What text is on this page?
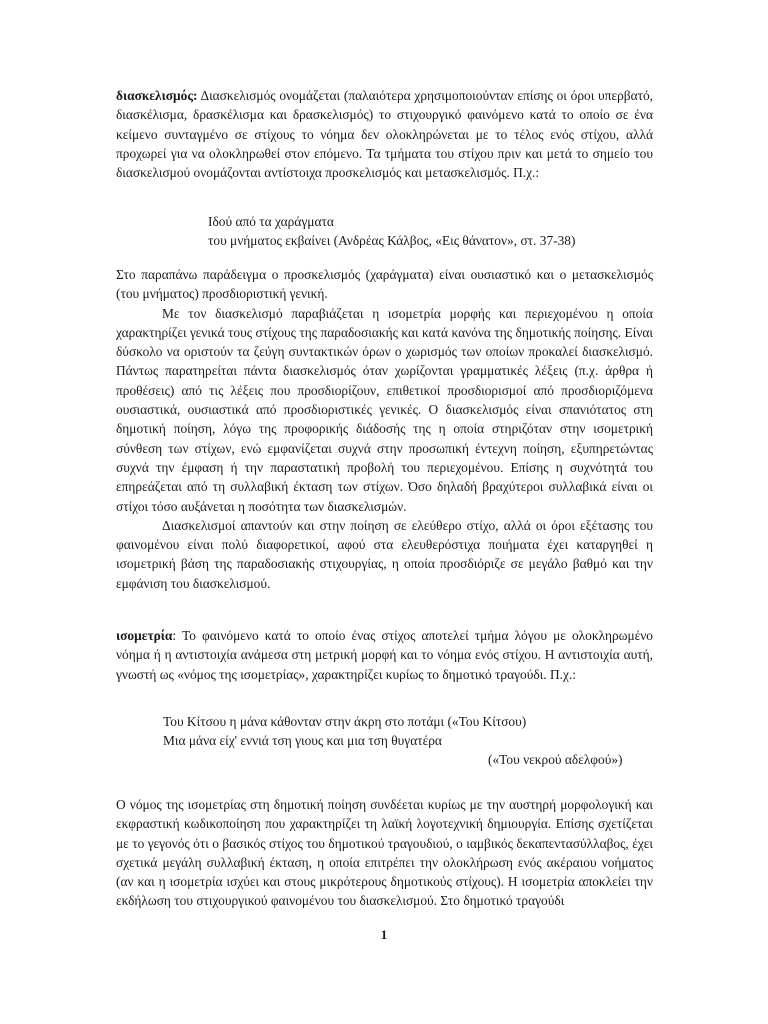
διασκελισμός: Διασκελισμός ονομάζεται (παλαιότερα χρησιμοποιούνταν επίσης οι όροι υπερβατό, διασκέλισμα, δρασκέλισμα και δρασκελισμός) το στιχουργικό φαινόμενο κατά το οποίο σε ένα κείμενο συνταγμένο σε στίχους το νόημα δεν ολοκληρώνεται με το τέλος ενός στίχου, αλλά προχωρεί για να ολοκληρωθεί στον επόμενο. Τα τμήματα του στίχου πριν και μετά το σημείο του διασκελισμού ονομάζονται αντίστοιχα προσκελισμός και μετασκελισμός. Π.χ.:

Ιδού από τα χαράγματα
του μνήματος εκβαίνει (Ανδρέας Κάλβος, «Εις θάνατον», στ. 37-38)

Στο παραπάνω παράδειγμα ο προσκελισμός (χαράγματα) είναι ουσιαστικό και ο μετασκελισμός (του μνήματος) προσδιοριστική γενική.

Με τον διασκελισμό παραβιάζεται η ισομετρία μορφής και περιεχομένου η οποία χαρακτηρίζει γενικά τους στίχους της παραδοσιακής και κατά κανόνα της δημοτικής ποίησης. Είναι δύσκολο να οριστούν τα ζεύγη συντακτικών όρων ο χωρισμός των οποίων προκαλεί διασκελισμό. Πάντως παρατηρείται πάντα διασκελισμός όταν χωρίζονται γραμματικές λέξεις (π.χ. άρθρα ή προθέσεις) από τις λέξεις που προσδιορίζουν, επιθετικοί προσδιορισμοί από προσδιοριζόμενα ουσιαστικά, ουσιαστικά από προσδιοριστικές γενικές. Ο διασκελισμός είναι σπανιότατος στη δημοτική ποίηση, λόγω της προφορικής διάδοσής της η οποία στηριζόταν στην ισομετρική σύνθεση των στίχων, ενώ εμφανίζεται συχνά στην προσωπική έντεχνη ποίηση, εξυπηρετώντας συχνά την έμφαση ή την παραστατική προβολή του περιεχομένου. Επίσης η συχνότητά του επηρεάζεται από τη συλλαβική έκταση των στίχων. Όσο δηλαδή βραχύτεροι συλλαβικά είναι οι στίχοι τόσο αυξάνεται η ποσότητα των διασκελισμών.

Διασκελισμοί απαντούν και στην ποίηση σε ελεύθερο στίχο, αλλά οι όροι εξέτασης του φαινομένου είναι πολύ διαφορετικοί, αφού στα ελευθερόστιχα ποιήματα έχει καταργηθεί η ισομετρική βάση της παραδοσιακής στιχουργίας, η οποία προσδιόριζε σε μεγάλο βαθμό και την εμφάνιση του διασκελισμού.

ισομετρία: Το φαινόμενο κατά το οποίο ένας στίχος αποτελεί τμήμα λόγου με ολοκληρωμένο νόημα ή η αντιστοιχία ανάμεσα στη μετρική μορφή και το νόημα ενός στίχου. Η αντιστοιχία αυτή, γνωστή ως «νόμος της ισομετρίας», χαρακτηρίζει κυρίως το δημοτικό τραγούδι. Π.χ.:

Του Κίτσου η μάνα κάθονταν στην άκρη στο ποτάμι («Του Κίτσου)
Μια μάνα είχ' εννιά τση γιους και μια τση θυγατέρα
(«Του νεκρού αδελφού»)

Ο νόμος της ισομετρίας στη δημοτική ποίηση συνδέεται κυρίως με την αυστηρή μορφολογική και εκφραστική κωδικοποίηση που χαρακτηρίζει τη λαϊκή λογοτεχνική δημιουργία. Επίσης σχετίζεται με το γεγονός ότι ο βασικός στίχος του δημοτικού τραγουδιού, ο ιαμβικός δεκαπεντασύλλαβος, έχει σχετικά μεγάλη συλλαβική έκταση, η οποία επιτρέπει την ολοκλήρωση ενός ακέραιου νοήματος (αν και η ισομετρία ισχύει και στους μικρότερους δημοτικούς στίχους). Η ισομετρία αποκλείει την εκδήλωση του στιχουργικού φαινομένου του διασκελισμού. Στο δημοτικό τραγούδι

1
